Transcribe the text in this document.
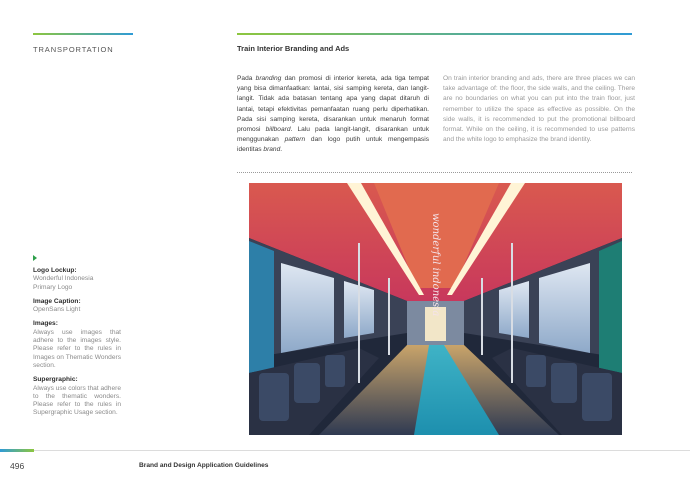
TRANSPORTATION	Train Interior Branding and Ads

Pada branding dan promosi di interior kereta, ada tiga tempat yang bisa dimanfaatkan: lantai, sisi samping kereta, dan langit-langit. Tidak ada batasan tentang apa yang dapat ditaruh di lantai, tetapi efektivitas pemanfaatan ruang perlu diperhatikan. Pada sisi samping kereta, disarankan untuk menaruh format promosi billboard. Lalu pada langit-langit, disarankan untuk menggunakan pattern dan logo putih untuk mengempasis identitas brand.

On train interior branding and ads, there are three places we can take advantage of: the floor, the side walls, and the ceiling. There are no boundaries on what you can put into the train floor, just remember to utilize the space as effective as possible. On the side walls, it is recommended to put the promotional billboard format. While on the ceiling, it is recommended to use patterns and the white logo to emphasize the brand identity.

wonderful indonesia
Logo Lockup :
Wonderful Indonesia
Primary Logo
Image Caption :
OpenSans Light
Images :
Always use images that adhere to the images style. Please refer to the rules in Images on Thematic Wonders section.
Supergraphic :
Always use colors that adhere to the thematic wonders. Please refer to the rules in Supergraphic Usage section.
496	Brand and Design Application Guidelines
